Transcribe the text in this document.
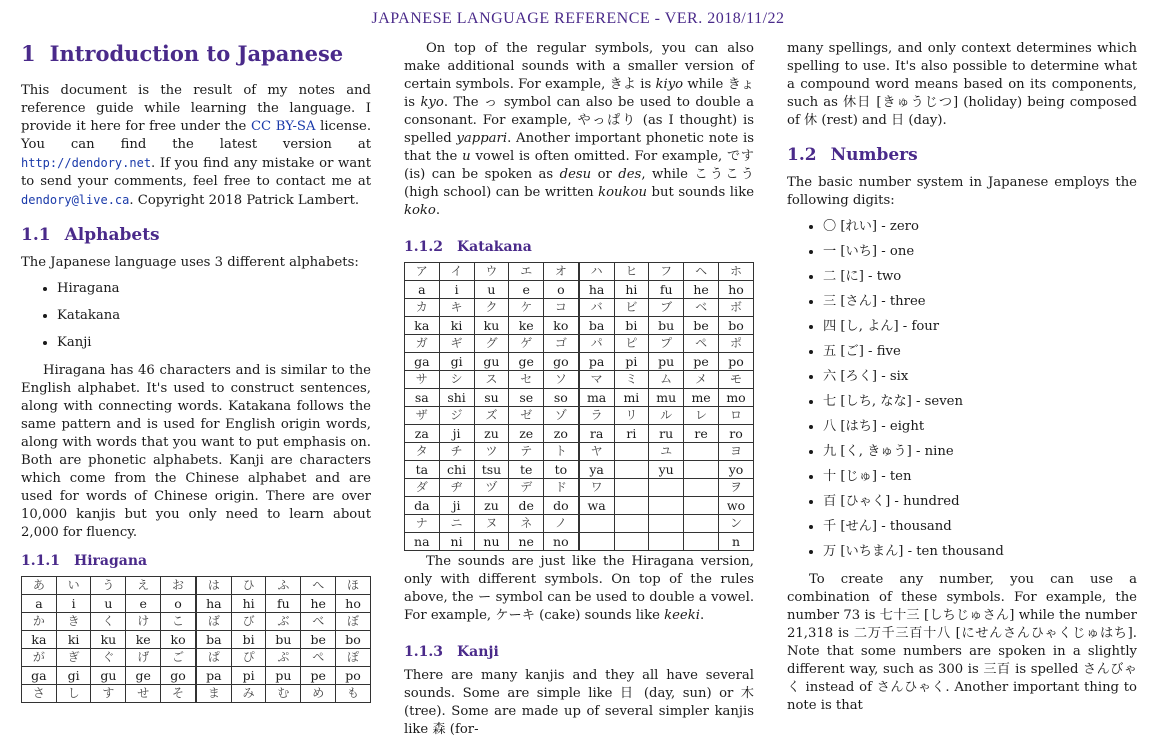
JAPANESE LANGUAGE REFERENCE - VER. 2018/11/22
1 Introduction to Japanese

This document is the result of my notes and reference guide while learning the language. I provide it here for free under the CC BY-SA license. You can find the latest version at http://dendory.net. If you find any mistake or want to send your comments, feel free to contact me at dendory@live.ca. Copyright 2018 Patrick Lambert.

1.1 Alphabets

The Japanese language uses 3 different alphabets:

• Hiragana
• Katakana
• Kanji

Hiragana has 46 characters and is similar to the English alphabet. It's used to construct sentences, along with connecting words. Katakana follows the same pattern and is used for English origin words, along with words that you want to put emphasis on. Both are phonetic alphabets. Kanji are characters which come from the Chinese alphabet and are used for words of Chinese origin. There are over 10,000 kanjis but you only need to learn about 2,000 for fluency.

1.1.1 Hiragana
あ	い	う	え	お	は	ひ	ふ	へ	ほ
a	i	u	e	o	ha	hi	fu	he	ho
か	き	く	け	こ	ば	び	ぶ	べ	ぼ
ka	ki	ku	ke	ko	ba	bi	bu	be	bo
が	ぎ	ぐ	げ	ご	ぱ	ぴ	ぷ	ぺ	ぽ
ga	gi	gu	ge	go	pa	pi	pu	pe	po
さ	し	す	せ	そ	ま	み	む	め	も

On top of the regular symbols, you can also make additional sounds with a smaller version of certain symbols. For example, きよ is kiyo while きょ is kyo. The っ symbol can also be used to double a consonant. For example, やっぱり (as I thought) is spelled yappari. Another important phonetic note is that the u vowel is often omitted. For example, です (is) can be spoken as desu or des, while こうこう (high school) can be written koukou but sounds like koko.

1.1.2 Katakana
ア	イ	ウ	エ	オ	ハ	ヒ	フ	ヘ	ホ
a	i	u	e	o	ha	hi	fu	he	ho
カ	キ	ク	ケ	コ	バ	ビ	ブ	ベ	ボ
ka	ki	ku	ke	ko	ba	bi	bu	be	bo
ガ	ギ	グ	ゲ	ゴ	パ	ピ	プ	ペ	ポ
ga	gi	gu	ge	go	pa	pi	pu	pe	po
サ	シ	ス	セ	ソ	マ	ミ	ム	メ	モ
sa	shi	su	se	so	ma	mi	mu	me	mo
ザ	ジ	ズ	ゼ	ゾ	ラ	リ	ル	レ	ロ
za	ji	zu	ze	zo	ra	ri	ru	re	ro
タ	チ	ツ	テ	ト	ヤ		ユ		ヨ
ta	chi	tsu	te	to	ya		yu		yo
ダ	ヂ	ヅ	デ	ド	ワ				ヲ
da	ji	zu	de	do	wa				wo
ナ	ニ	ヌ	ネ	ノ					ン
na	ni	nu	ne	no					n

The sounds are just like the Hiragana version, only with different symbols. On top of the rules above, the ー symbol can be used to double a vowel. For example, ケーキ (cake) sounds like keeki.

1.1.3 Kanji

There are many kanjis and they all have several sounds. Some are simple like 日 (day, sun) or 木 (tree). Some are made up of several simpler kanjis like 森 (for-

many spellings, and only context determines which spelling to use. It's also possible to determine what a compound word means based on its components, such as 休日 [きゅうじつ] (holiday) being composed of 休 (rest) and 日 (day).

1.2 Numbers

The basic number system in Japanese employs the following digits:

• 〇 [れい] - zero
• 一 [いち] - one
• 二 [に] - two
• 三 [さん] - three
• 四 [し, よん] - four
• 五 [ご] - five
• 六 [ろく] - six
• 七 [しち, なな] - seven
• 八 [はち] - eight
• 九 [く, きゅう] - nine
• 十 [じゅ] - ten
• 百 [ひゃく] - hundred
• 千 [せん] - thousand
• 万 [いちまん] - ten thousand

To create any number, you can use a combination of these symbols. For example, the number 73 is 七十三 [しちじゅさん] while the number 21,318 is 二万千三百十八 [にせんさんひゃくじゅはち]. Note that some numbers are spoken in a slightly different way, such as 300 is 三百 is spelled さんびゃく instead of さんひゃく. Another important thing to note is that
